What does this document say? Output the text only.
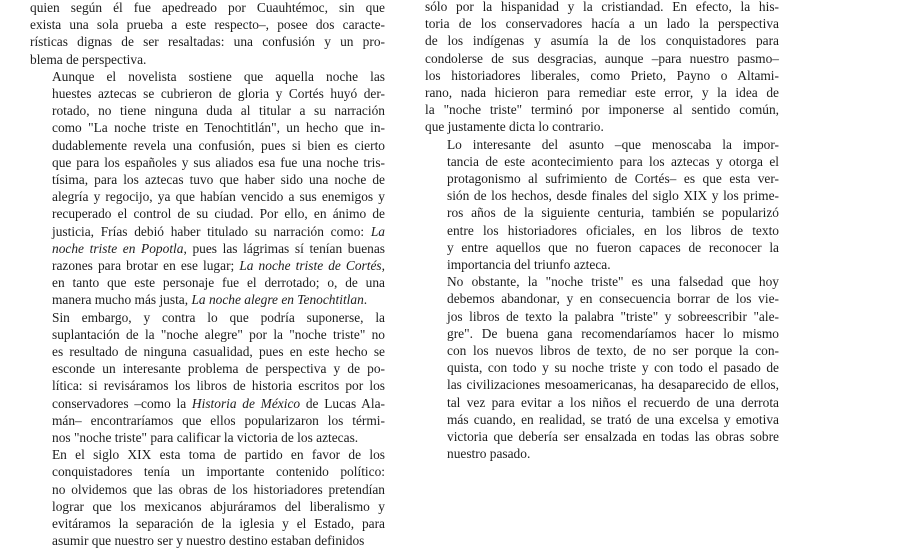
quien según él fue apedreado por Cuauhtémoc, sin que
exista una sola prueba a este respecto–, posee dos caracte-
rísticas dignas de ser resaltadas: una confusión y un pro-
blema de perspectiva.

Aunque el novelista sostiene que aquella noche las
huestes aztecas se cubrieron de gloria y Cortés huyó der-
rotado, no tiene ninguna duda al titular a su narración
como "La noche triste en Tenochtitlán", un hecho que in-
dudablemente revela una confusión, pues si bien es cierto
que para los españoles y sus aliados esa fue una noche tris-
tísima, para los aztecas tuvo que haber sido una noche de
alegría y regocijo, ya que habían vencido a sus enemigos y
recuperado el control de su ciudad. Por ello, en ánimo de
justicia, Frías debió haber titulado su narración como: La
noche triste en Popotla, pues las lágrimas sí tenían buenas
razones para brotar en ese lugar; La noche triste de Cortés,
en tanto que este personaje fue el derrotado; o, de una
manera mucho más justa, La noche alegre en Tenochtitlan.

Sin embargo, y contra lo que podría suponerse, la
suplantación de la "noche alegre" por la "noche triste" no
es resultado de ninguna casualidad, pues en este hecho se
esconde un interesante problema de perspectiva y de po-
lítica: si revisáramos los libros de historia escritos por los
conservadores –como la Historia de México de Lucas Ala-
mán– encontraríamos que ellos popularizaron los térmi-
nos "noche triste" para calificar la victoria de los aztecas.

En el siglo XIX esta toma de partido en favor de los
conquistadores tenía un importante contenido político:
no olvidemos que las obras de los historiadores pretendían
lograr que los mexicanos abjuráramos del liberalismo y
evitáramos la separación de la iglesia y el Estado, para
asumir que nuestro ser y nuestro destino estaban definidos

sólo por la hispanidad y la cristiandad. En efecto, la his-
toria de los conservadores hacía a un lado la perspectiva
de los indígenas y asumía la de los conquistadores para
condolerse de sus desgracias, aunque –para nuestro pasmo–
los historiadores liberales, como Prieto, Payno o Altami-
rano, nada hicieron para remediar este error, y la idea de
la "noche triste" terminó por imponerse al sentido común,
que justamente dicta lo contrario.

Lo interesante del asunto –que menoscaba la impor-
tancia de este acontecimiento para los aztecas y otorga el
protagonismo al sufrimiento de Cortés– es que esta ver-
sión de los hechos, desde finales del siglo XIX y los prime-
ros años de la siguiente centuria, también se popularizó
entre los historiadores oficiales, en los libros de texto
y entre aquellos que no fueron capaces de reconocer la
importancia del triunfo azteca.

No obstante, la "noche triste" es una falsedad que hoy
debemos abandonar, y en consecuencia borrar de los vie-
jos libros de texto la palabra "triste" y sobreescribir "ale-
gre". De buena gana recomendaríamos hacer lo mismo
con los nuevos libros de texto, de no ser porque la con-
quista, con todo y su noche triste y con todo el pasado de
las civilizaciones mesoamericanas, ha desaparecido de ellos,
tal vez para evitar a los niños el recuerdo de una derrota
más cuando, en realidad, se trató de una excelsa y emotiva
victoria que debería ser ensalzada en todas las obras sobre
nuestro pasado.
